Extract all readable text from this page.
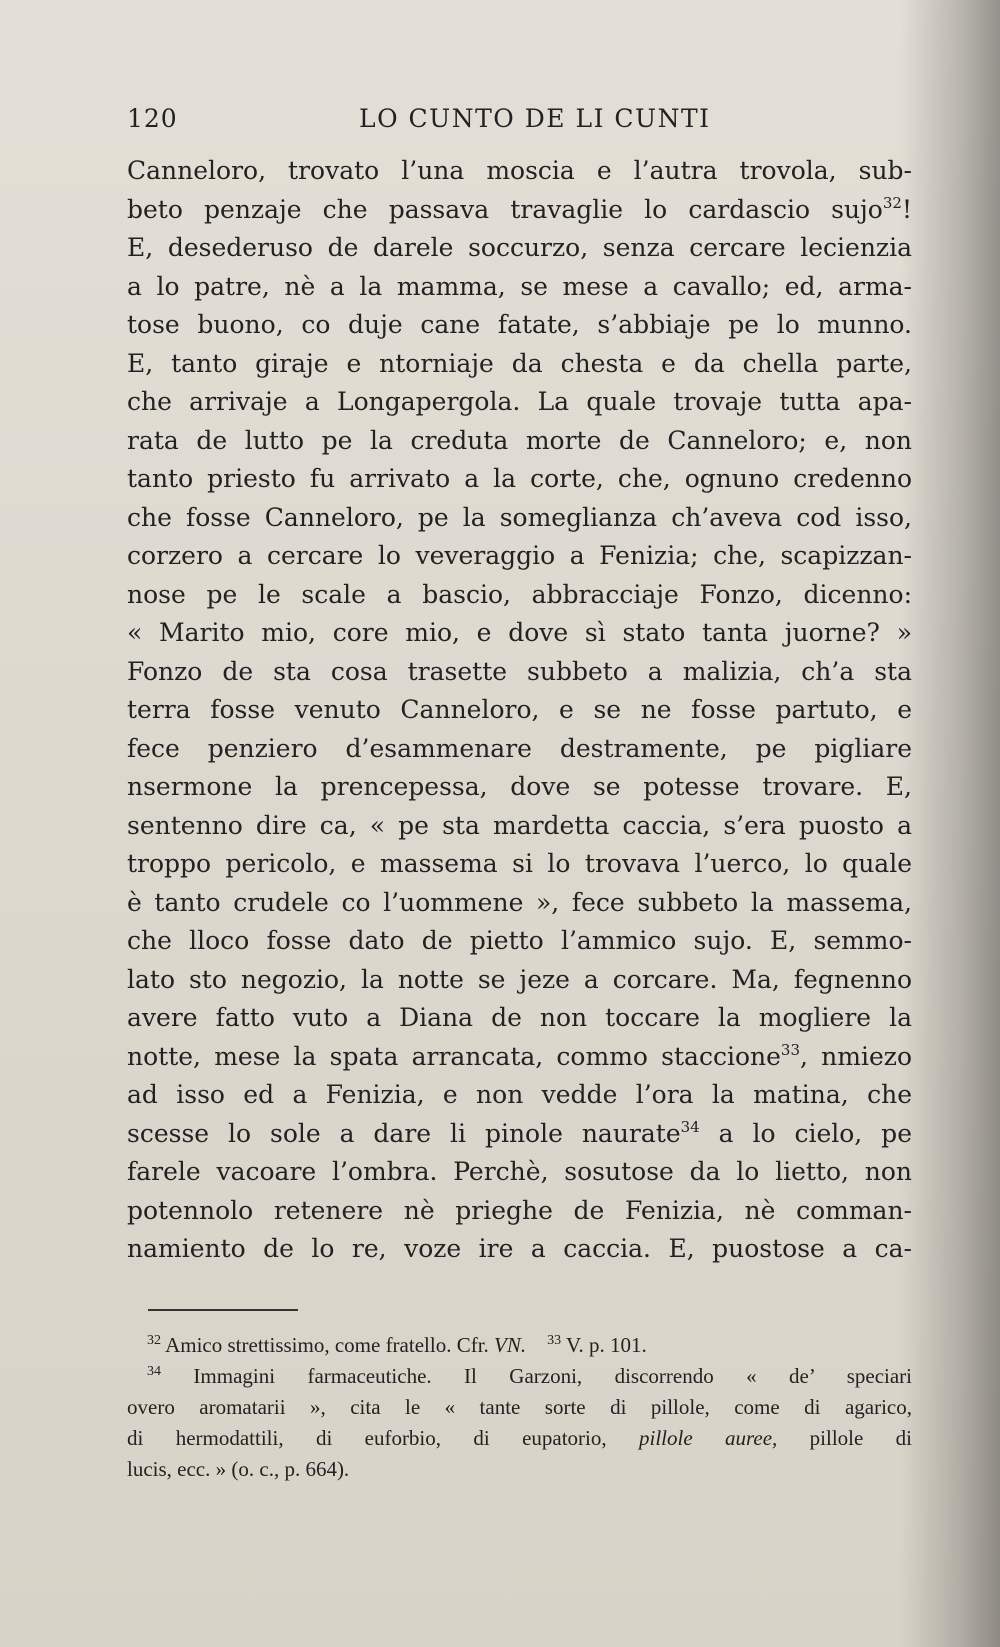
120	LO CUNTO DE LI CUNTI
Canneloro, trovato l’una moscia e l’autra trovola, sub-
beto penzaje che passava travaglie lo cardascio sujo$^{32}$!
E, desederuso de darele soccurzo, senza cercare lecienzia
a lo patre, nè a la mamma, se mese a cavallo; ed, arma-
tose buono, co duje cane fatate, s’abbiaje pe lo munno.
E, tanto giraje e ntorniaje da chesta e da chella parte,
che arrivaje a Longapergola. La quale trovaje tutta apa-
rata de lutto pe la creduta morte de Canneloro; e, non
tanto priesto fu arrivato a la corte, che, ognuno credenno
che fosse Canneloro, pe la someglianza ch’aveva cod isso,
corzero a cercare lo veveraggio a Fenizia; che, scapizzan-
nose pe le scale a bascio, abbracciaje Fonzo, dicenno:
« Marito mio, core mio, e dove sì stato tanta juorne? »
Fonzo de sta cosa trasette subbeto a malizia, ch’a sta
terra fosse venuto Canneloro, e se ne fosse partuto, e
fece penziero d’esammenare destramente, pe pigliare
nsermone la prencepessa, dove se potesse trovare. E,
sentenno dire ca, « pe sta mardetta caccia, s’era puosto a
troppo pericolo, e massema si lo trovava l’uerco, lo quale
è tanto crudele co l’uommene », fece subbeto la massema,
che lloco fosse dato de pietto l’ammico sujo. E, semmo-
lato sto negozio, la notte se jeze a corcare. Ma, fegnenno
avere fatto vuto a Diana de non toccare la mogliere la
notte, mese la spata arrancata, commo staccione$^{33}$, nmiezo
ad isso ed a Fenizia, e non vedde l’ora la matina, che
scesse lo sole a dare li pinole naurate$^{34}$ a lo cielo, pe
farele vacoare l’ombra. Perchè, sosutose da lo lietto, non
potennolo retenere nè prieghe de Fenizia, nè comman-
namiento de lo re, voze ire a caccia. E, puostose a ca-
$^{32}$ Amico strettissimo, come fratello. Cfr. VN. $^{33}$ V. p. 101.
$^{34}$ Immagini farmaceutiche. Il Garzoni, discorrendo « de’ speciari
overo aromatarii », cita le « tante sorte di pillole, come di agarico,
di hermodattili, di euforbio, di eupatorio, pillole auree, pillole di
lucis, ecc. » (o. c., p. 664).
